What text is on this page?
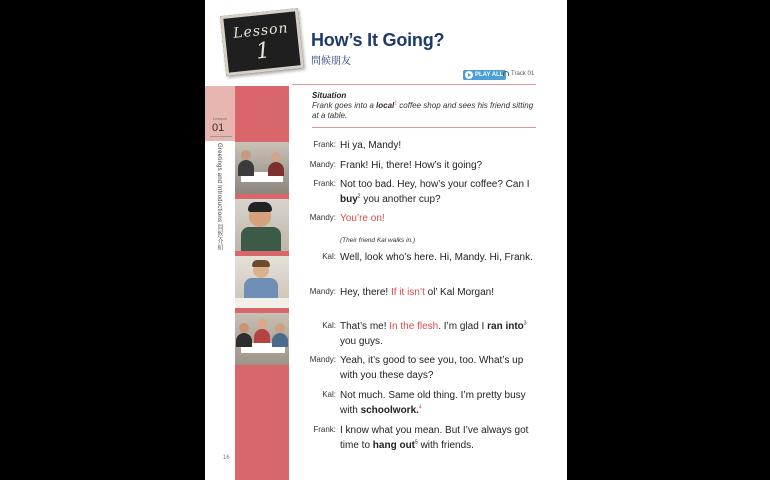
Lesson
1	How’s It Going?
問候朋友
PLAY ALL	Track 01
Lesson
01
Greetings and Introductions 問候/介紹
16
Situation
Frank goes into a local$^1$ coffee shop and sees his friend sitting at a table.
Frank: Hi ya, Mandy!
Mandy: Frank! Hi, there! How’s it going?
Frank: Not too bad. Hey, how’s your coffee? Can I buy$^2$ you another cup?
Mandy: You’re on!
(Their friend Kal walks in.)
Kal: Well, look who’s here. Hi, Mandy. Hi, Frank.
Mandy: Hey, there! If it isn’t ol’ Kal Morgan!
Kal: That’s me! In the flesh. I’m glad I ran into$^3$ you guys.
Mandy: Yeah, it’s good to see you, too. What’s up with you these days?
Kal: Not much. Same old thing. I’m pretty busy with schoolwork.$^4$
Frank: I know what you mean. But I’ve always got time to hang out$^5$ with friends.
